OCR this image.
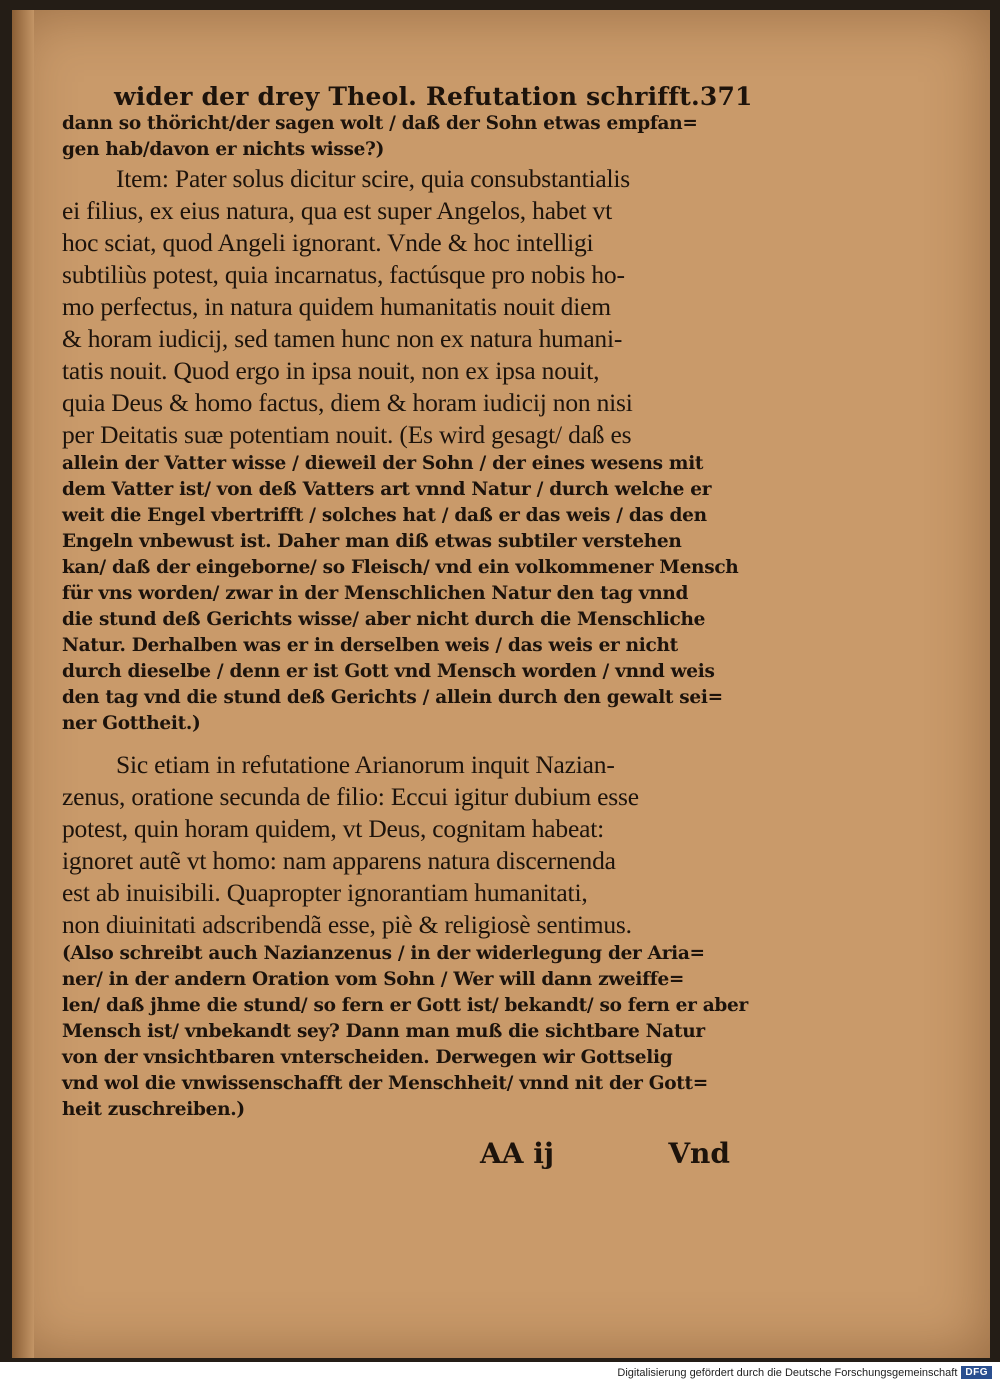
wider der drey Theol. Refutation schrifft. 371
dann so thöricht/der sagen wolt / daß der Sohn etwas empfan=
gen hab/davon er nichts wisse?)
Item: Pater solus dicitur scire, quia consubstantialis
ei filius, ex eius natura, qua est super Angelos, habet vt
hoc sciat, quod Angeli ignorant. Vnde & hoc intelligi
subtiliùs potest, quia incarnatus, factúsque pro nobis ho-
mo perfectus, in natura quidem humanitatis nouit diem
& horam iudicij, sed tamen hunc non ex natura humani-
tatis nouit. Quod ergo in ipsa nouit, non ex ipsa nouit,
quia Deus & homo factus, diem & horam iudicij non nisi
per Deitatis suæ potentiam nouit. (Es wird gesagt/ daß es
allein der Vatter wisse / dieweil der Sohn / der eines wesens mit
dem Vatter ist/ von deß Vatters art vnnd Natur / durch welche er
weit die Engel vbertrifft / solches hat / daß er das weis / das den
Engeln vnbewust ist. Daher man diß etwas subtiler verstehen
kan/ daß der eingeborne/ so Fleisch/ vnd ein volkommener Mensch
für vns worden/ zwar in der Menschlichen Natur den tag vnnd
die stund deß Gerichts wisse/ aber nicht durch die Menschliche
Natur. Derhalben was er in derselben weis / das weis er nicht
durch dieselbe / denn er ist Gott vnd Mensch worden / vnnd weis
den tag vnd die stund deß Gerichts / allein durch den gewalt sei=
ner Gottheit.)
Sic etiam in refutatione Arianorum inquit Nazian-
zenus, oratione secunda de filio: Eccui igitur dubium esse
potest, quin horam quidem, vt Deus, cognitam habeat:
ignoret autẽ vt homo: nam apparens natura discernenda
est ab inuisibili. Quapropter ignorantiam humanitati,
non diuinitati adscribendã esse, piè & religiosè sentimus.
(Also schreibt auch Nazianzenus / in der widerlegung der Aria=
ner/ in der andern Oration vom Sohn / Wer will dann zweiffe=
len/ daß jhme die stund/ so fern er Gott ist/ bekandt/ so fern er aber
Mensch ist/ vnbekandt sey? Dann man muß die sichtbare Natur
von der vnsichtbaren vnterscheiden. Derwegen wir Gottselig
vnd wol die vnwissenschafft der Menschheit/ vnnd nit der Gott=
heit zuschreiben.)
AA ij	Vnd
Digitalisierung gefördert durch die Deutsche Forschungsgemeinschaft DFG
